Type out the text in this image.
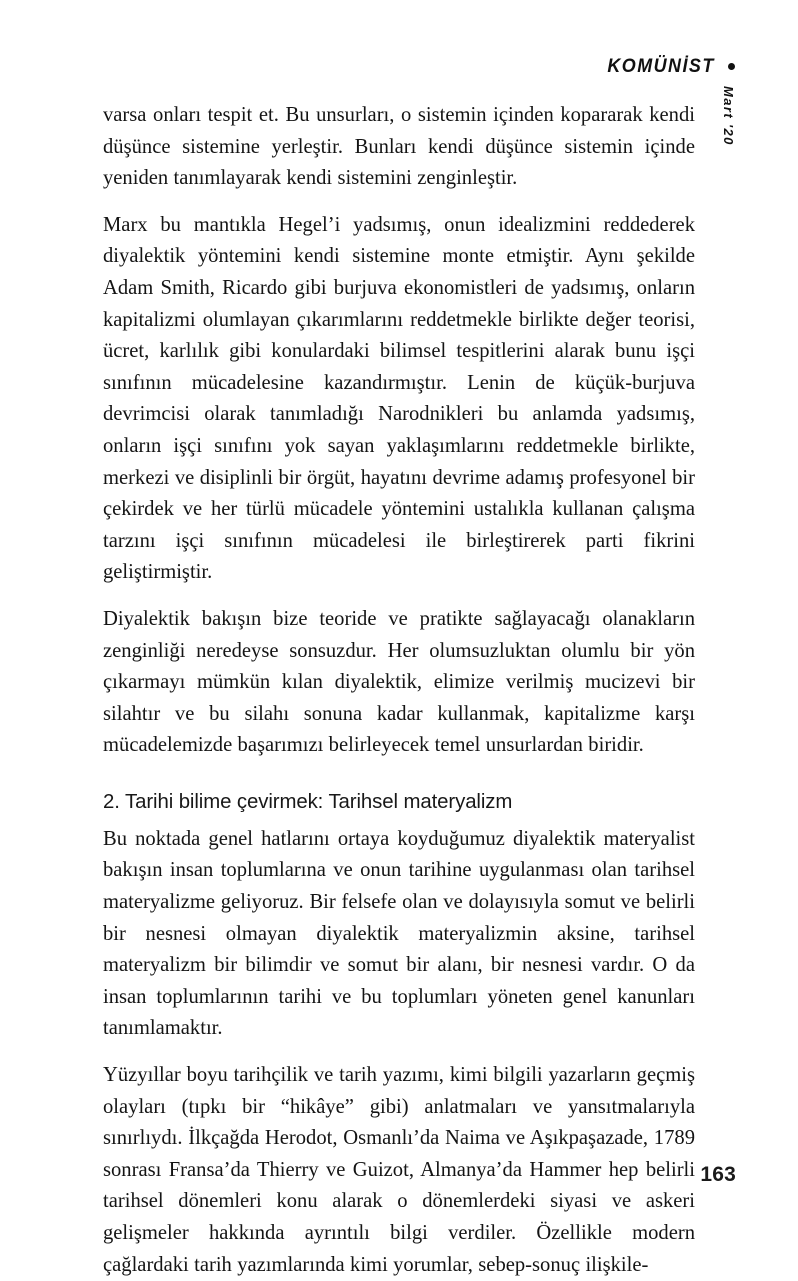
KOMÜNİST
Mart '20

varsa onları tespit et. Bu unsurları, o sistemin içinden kopararak kendi düşünce sistemine yerleştir. Bunları kendi düşünce sistemin içinde yeniden tanımlayarak kendi sistemini zenginleştir.

Marx bu mantıkla Hegel’i yadsımış, onun idealizmini reddederek diyalektik yöntemini kendi sistemine monte etmiştir. Aynı şekilde Adam Smith, Ricardo gibi burjuva ekonomistleri de yadsımış, onların kapitalizmi olumlayan çıkarımlarını reddetmekle birlikte değer teorisi, ücret, karlılık gibi konulardaki bilimsel tespitlerini alarak bunu işçi sınıfının mücadelesine kazandırmıştır. Lenin de küçük-burjuva devrimcisi olarak tanımladığı Narodnikleri bu anlamda yadsımış, onların işçi sınıfını yok sayan yaklaşımlarını reddetmekle birlikte, merkezi ve disiplinli bir örgüt, hayatını devrime adamış profesyonel bir çekirdek ve her türlü mücadele yöntemini ustalıkla kullanan çalışma tarzını işçi sınıfının mücadelesi ile birleştirerek parti fikrini geliştirmiştir.

Diyalektik bakışın bize teoride ve pratikte sağlayacağı olanakların zenginliği neredeyse sonsuzdur. Her olumsuzluktan olumlu bir yön çıkarmayı mümkün kılan diyalektik, elimize verilmiş mucizevi bir silahtır ve bu silahı sonuna kadar kullanmak, kapitalizme karşı mücadelemizde başarımızı belirleyecek temel unsurlardan biridir.

2. Tarihi bilime çevirmek: Tarihsel materyalizm

Bu noktada genel hatlarını ortaya koyduğumuz diyalektik materyalist bakışın insan toplumlarına ve onun tarihine uygulanması olan tarihsel materyalizme geliyoruz. Bir felsefe olan ve dolayısıyla somut ve belirli bir nesnesi olmayan diyalektik materyalizmin aksine, tarihsel materyalizm bir bilimdir ve somut bir alanı, bir nesnesi vardır. O da insan toplumlarının tarihi ve bu toplumları yöneten genel kanunları tanımlamaktır.

Yüzyıllar boyu tarihçilik ve tarih yazımı, kimi bilgili yazarların geçmiş olayları (tıpkı bir “hikâye” gibi) anlatmaları ve yansıtmalarıyla sınırlıydı. İlkçağda Herodot, Osmanlı’da Naima ve Aşıkpaşazade, 1789 sonrası Fransa’da Thierry ve Guizot, Almanya’da Hammer hep belirli tarihsel dönemleri konu alarak o dönemlerdeki siyasi ve askeri gelişmeler hakkında ayrıntılı bilgi verdiler. Özellikle modern çağlardaki tarih yazımlarında kimi yorumlar, sebep-sonuç ilişkile-

163
